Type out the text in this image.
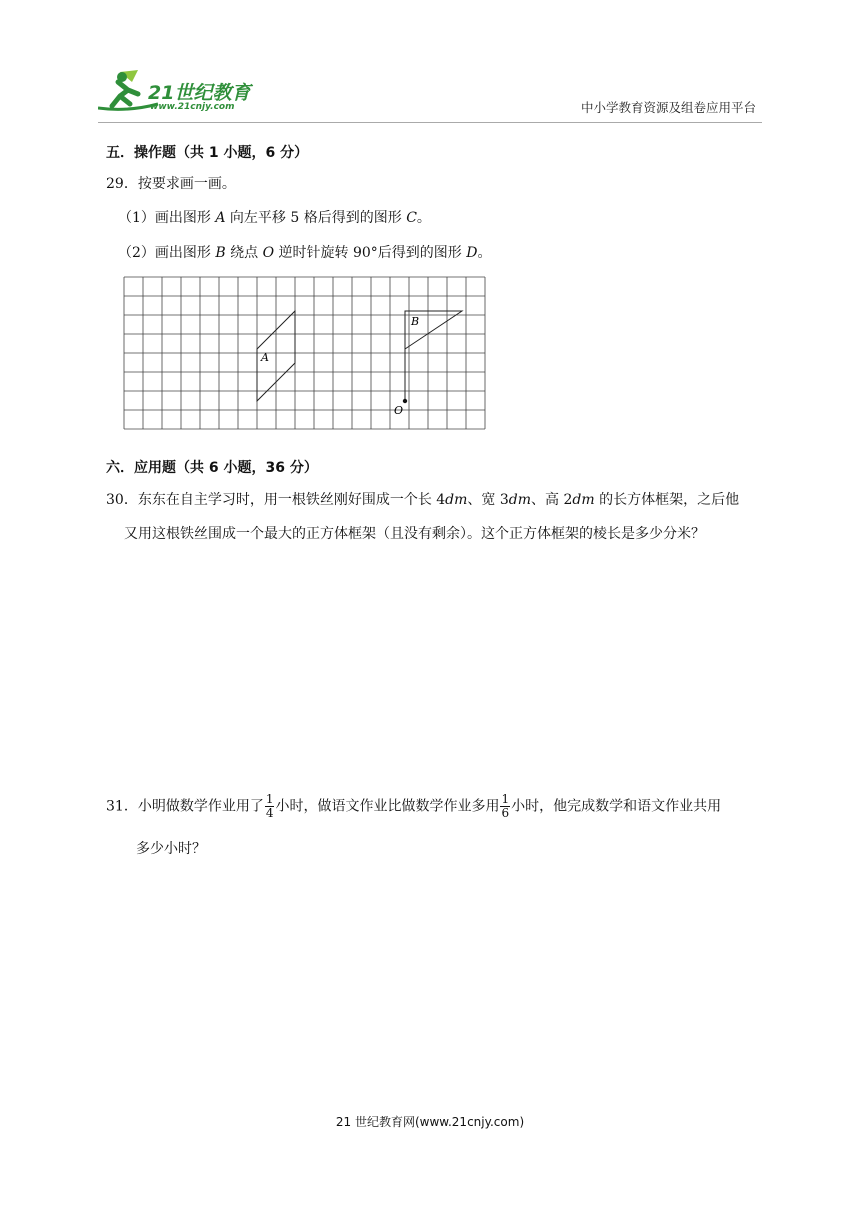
21世纪教育
www.21cnjy.com	中小学教育资源及组卷应用平台
五．操作题（共 1 小题，6 分）
29．按要求画一画。
（1）画出图形 A 向左平移 5 格后得到的图形 C。
（2）画出图形 B 绕点 O 逆时针旋转 90°后得到的图形 D。
A
B
O
六．应用题（共 6 小题，36 分）
30．东东在自主学习时，用一根铁丝刚好围成一个长 4dm、宽 3dm、高 2dm 的长方体框架，之后他
又用这根铁丝围成一个最大的正方体框架（且没有剩余）。这个正方体框架的棱长是多少分米？
31．小明做数学作业用了 $\frac{1}{4}$ 小时，做语文作业比做数学作业多用 $\frac{1}{6}$ 小时，他完成数学和语文作业共用
多少小时？
21 世纪教育网(www.21cnjy.com)
